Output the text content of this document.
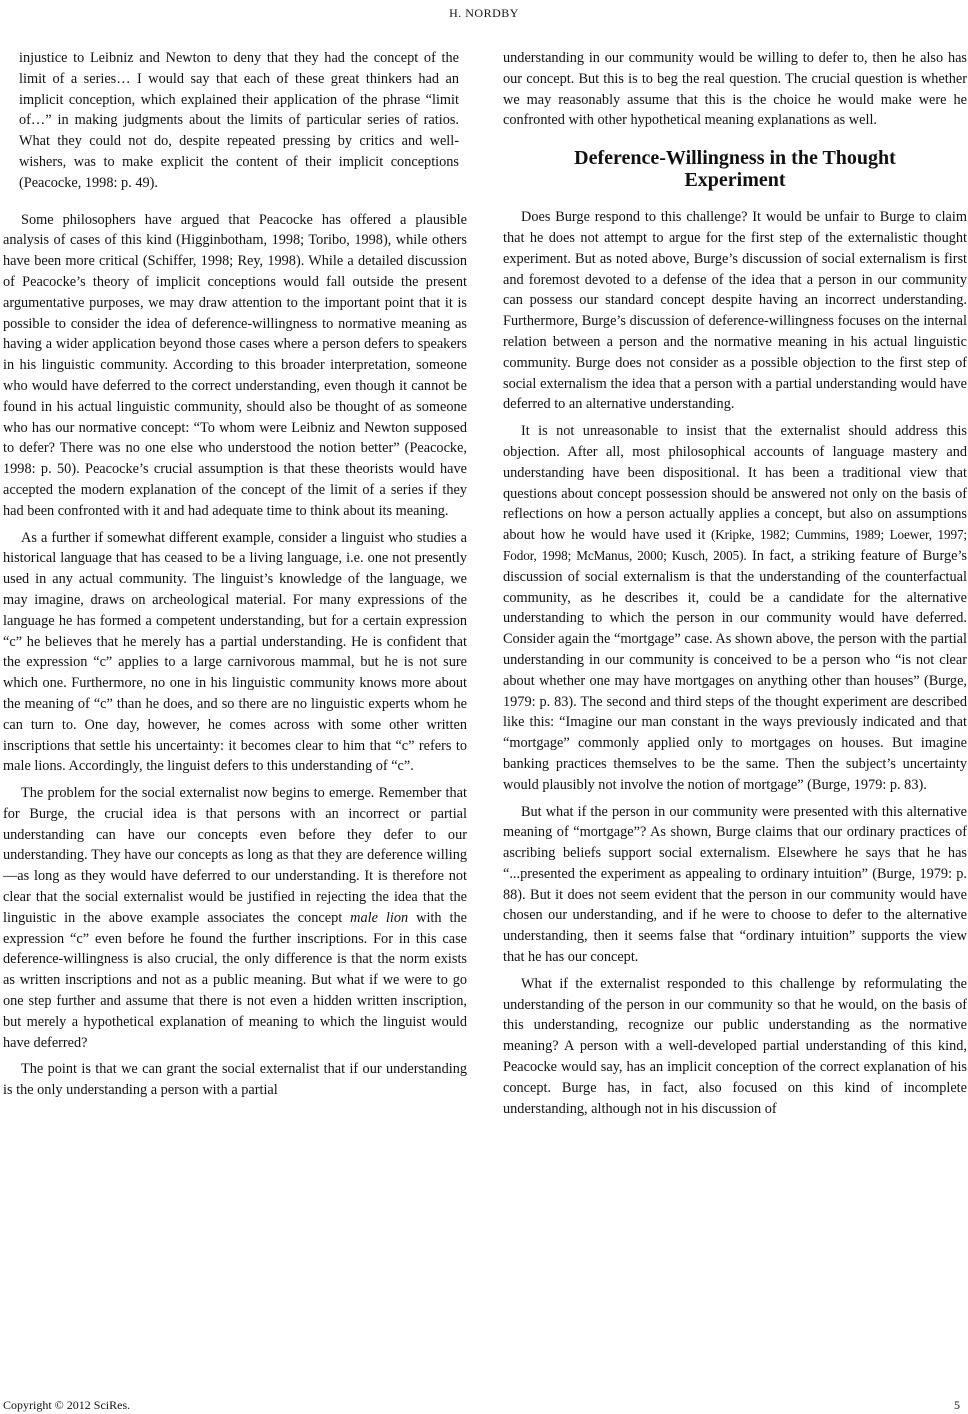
H. NORDBY
injustice to Leibniz and Newton to deny that they had the concept of the limit of a series… I would say that each of these great thinkers had an implicit conception, which explained their application of the phrase “limit of…” in making judgments about the limits of particular series of ratios. What they could not do, despite repeated pressing by critics and well-wishers, was to make explicit the content of their implicit conceptions (Peacocke, 1998: p. 49).

Some philosophers have argued that Peacocke has offered a plausible analysis of cases of this kind (Higginbotham, 1998; Toribo, 1998), while others have been more critical (Schiffer, 1998; Rey, 1998). While a detailed discussion of Peacocke’s theory of implicit conceptions would fall outside the present argumentative purposes, we may draw attention to the important point that it is possible to consider the idea of deference-willingness to normative meaning as having a wider application beyond those cases where a person defers to speakers in his linguistic community. According to this broader interpretation, someone who would have deferred to the correct understanding, even though it cannot be found in his actual linguistic community, should also be thought of as someone who has our normative concept: “To whom were Leibniz and Newton supposed to defer? There was no one else who understood the notion better” (Peacocke, 1998: p. 50). Peacocke’s crucial assumption is that these theorists would have accepted the modern explanation of the concept of the limit of a series if they had been confronted with it and had adequate time to think about its meaning.

As a further if somewhat different example, consider a linguist who studies a historical language that has ceased to be a living language, i.e. one not presently used in any actual community. The linguist’s knowledge of the language, we may imagine, draws on archeological material. For many expressions of the language he has formed a competent understanding, but for a certain expression “c” he believes that he merely has a partial understanding. He is confident that the expression “c” applies to a large carnivorous mammal, but he is not sure which one. Furthermore, no one in his linguistic community knows more about the meaning of “c” than he does, and so there are no linguistic experts whom he can turn to. One day, however, he comes across with some other written inscriptions that settle his uncertainty: it becomes clear to him that “c” refers to male lions. Accordingly, the linguist defers to this understanding of “c”.

The problem for the social externalist now begins to emerge. Remember that for Burge, the crucial idea is that persons with an incorrect or partial understanding can have our concepts even before they defer to our understanding. They have our concepts as long as that they are deference willing—as long as they would have deferred to our understanding. It is therefore not clear that the social externalist would be justified in rejecting the idea that the linguistic in the above example associates the concept male lion with the expression “c” even before he found the further inscriptions. For in this case deference-willingness is also crucial, the only difference is that the norm exists as written inscriptions and not as a public meaning. But what if we were to go one step further and assume that there is not even a hidden written inscription, but merely a hypothetical explanation of meaning to which the linguist would have deferred?

The point is that we can grant the social externalist that if our understanding is the only understanding a person with a partial

understanding in our community would be willing to defer to, then he also has our concept. But this is to beg the real question. The crucial question is whether we may reasonably assume that this is the choice he would make were he confronted with other hypothetical meaning explanations as well.

Deference-Willingness in the Thought Experiment

Does Burge respond to this challenge? It would be unfair to Burge to claim that he does not attempt to argue for the first step of the externalistic thought experiment. But as noted above, Burge’s discussion of social externalism is first and foremost devoted to a defense of the idea that a person in our community can possess our standard concept despite having an incorrect understanding. Furthermore, Burge’s discussion of deference-willingness focuses on the internal relation between a person and the normative meaning in his actual linguistic community. Burge does not consider as a possible objection to the first step of social externalism the idea that a person with a partial understanding would have deferred to an alternative understanding.

It is not unreasonable to insist that the externalist should address this objection. After all, most philosophical accounts of language mastery and understanding have been dispositional. It has been a traditional view that questions about concept possession should be answered not only on the basis of reflections on how a person actually applies a concept, but also on assumptions about how he would have used it (Kripke, 1982; Cummins, 1989; Loewer, 1997; Fodor, 1998; McManus, 2000; Kusch, 2005). In fact, a striking feature of Burge’s discussion of social externalism is that the understanding of the counterfactual community, as he describes it, could be a candidate for the alternative understanding to which the person in our community would have deferred. Consider again the “mortgage” case. As shown above, the person with the partial understanding in our community is conceived to be a person who “is not clear about whether one may have mortgages on anything other than houses” (Burge, 1979: p. 83). The second and third steps of the thought experiment are described like this: “Imagine our man constant in the ways previously indicated and that “mortgage” commonly applied only to mortgages on houses. But imagine banking practices themselves to be the same. Then the subject’s uncertainty would plausibly not involve the notion of mortgage” (Burge, 1979: p. 83).

But what if the person in our community were presented with this alternative meaning of “mortgage”? As shown, Burge claims that our ordinary practices of ascribing beliefs support social externalism. Elsewhere he says that he has “...presented the experiment as appealing to ordinary intuition” (Burge, 1979: p. 88). But it does not seem evident that the person in our community would have chosen our understanding, and if he were to choose to defer to the alternative understanding, then it seems false that “ordinary intuition” supports the view that he has our concept.

What if the externalist responded to this challenge by reformulating the understanding of the person in our community so that he would, on the basis of this understanding, recognize our public understanding as the normative meaning? A person with a well-developed partial understanding of this kind, Peacocke would say, has an implicit conception of the correct explanation of his concept. Burge has, in fact, also focused on this kind of incomplete understanding, although not in his discussion of

Copyright © 2012 SciRes.	5
